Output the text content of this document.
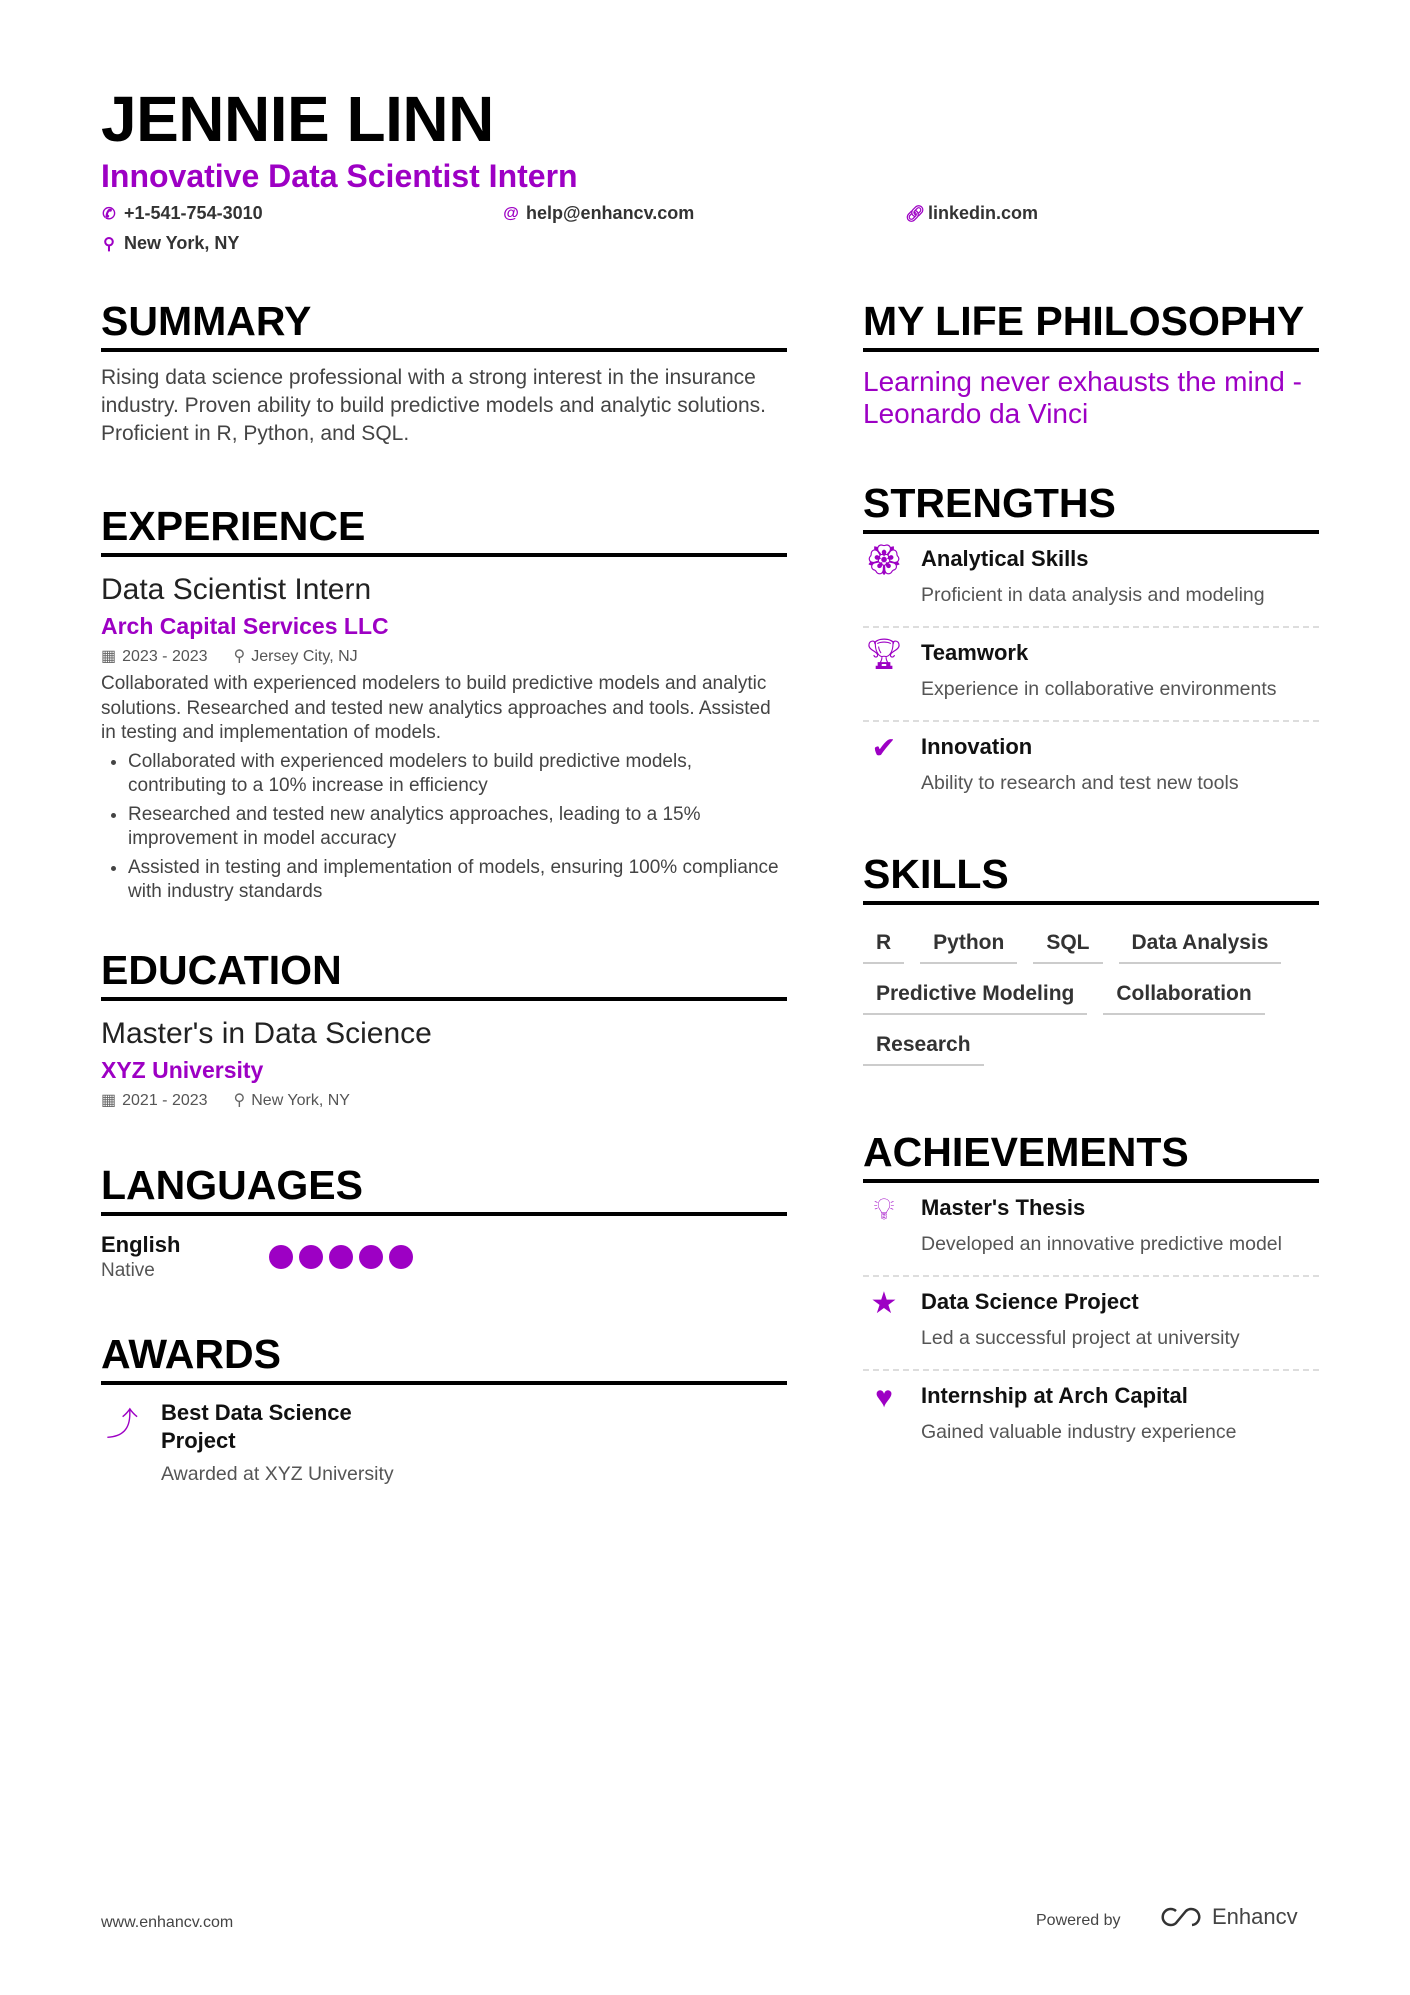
JENNIE LINN
Innovative Data Scientist Intern
✆ +1-541-754-3010	@ help@enhancv.com	🔗︎ linkedin.com
⚲ New York, NY
SUMMARY
Rising data science professional with a strong interest in the insurance industry. Proven ability to build predictive models and analytic solutions. Proficient in R, Python, and SQL.
EXPERIENCE
Data Scientist Intern
Arch Capital Services LLC
▦ 2023 - 2023 ⚲ Jersey City, NJ
Collaborated with experienced modelers to build predictive models and analytic solutions. Researched and tested new analytics approaches and tools. Assisted in testing and implementation of models.
• Collaborated with experienced modelers to build predictive models, contributing to a 10% increase in efficiency
• Researched and tested new analytics approaches, leading to a 15% improvement in model accuracy
• Assisted in testing and implementation of models, ensuring 100% compliance with industry standards
EDUCATION
Master's in Data Science
XYZ University
▦ 2021 - 2023 ⚲ New York, NY
LANGUAGES
English
Native
AWARDS
⤴ Best Data Science Project
Awarded at XYZ University
MY LIFE PHILOSOPHY
Learning never exhausts the mind - Leonardo da Vinci
STRENGTHS
🏵︎ Analytical Skills
Proficient in data analysis and modeling
🏆︎ Teamwork
Experience in collaborative environments
✔	Innovation
Ability to research and test new tools
SKILLS
R	Python	SQL	Data Analysis
Predictive Modeling	Collaboration
Research
ACHIEVEMENTS
💡︎	Master's Thesis
Developed an innovative predictive model
★	Data Science Project
Led a successful project at university
♥	Internship at Arch Capital
Gained valuable industry experience
www.enhancv.com	Powered by	Enhancv
